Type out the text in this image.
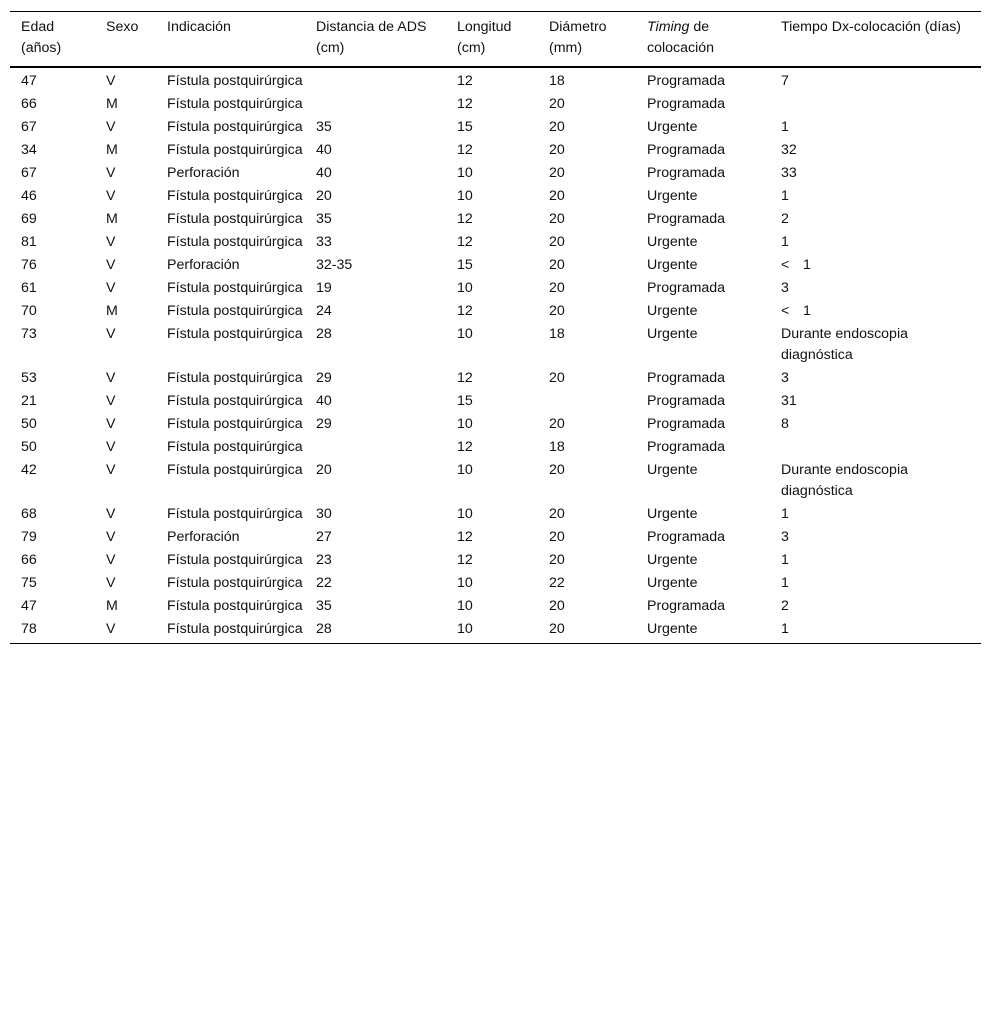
Edad (años)	Sexo	Indicación	Distancia de ADS (cm)	Longitud (cm)	Diámetro (mm)	Timing de colocación	Tiempo Dx-colocación (días)
47	V	Fístula postquirúrgica		12	18	Programada	7
66	M	Fístula postquirúrgica		12	20	Programada	
67	V	Fístula postquirúrgica	35	15	20	Urgente	1
34	M	Fístula postquirúrgica	40	12	20	Programada	32
67	V	Perforación	40	10	20	Programada	33
46	V	Fístula postquirúrgica	20	10	20	Urgente	1
69	M	Fístula postquirúrgica	35	12	20	Programada	2
81	V	Fístula postquirúrgica	33	12	20	Urgente	1
76	V	Perforación	32-35	15	20	Urgente	< 1
61	V	Fístula postquirúrgica	19	10	20	Programada	3
70	M	Fístula postquirúrgica	24	12	20	Urgente	< 1
73	V	Fístula postquirúrgica	28	10	18	Urgente	Durante endoscopia diagnóstica
53	V	Fístula postquirúrgica	29	12	20	Programada	3
21	V	Fístula postquirúrgica	40	15		Programada	31
50	V	Fístula postquirúrgica	29	10	20	Programada	8
50	V	Fístula postquirúrgica		12	18	Programada	
42	V	Fístula postquirúrgica	20	10	20	Urgente	Durante endoscopia diagnóstica
68	V	Fístula postquirúrgica	30	10	20	Urgente	1
79	V	Perforación	27	12	20	Programada	3
66	V	Fístula postquirúrgica	23	12	20	Urgente	1
75	V	Fístula postquirúrgica	22	10	22	Urgente	1
47	M	Fístula postquirúrgica	35	10	20	Programada	2
78	V	Fístula postquirúrgica	28	10	20	Urgente	1
